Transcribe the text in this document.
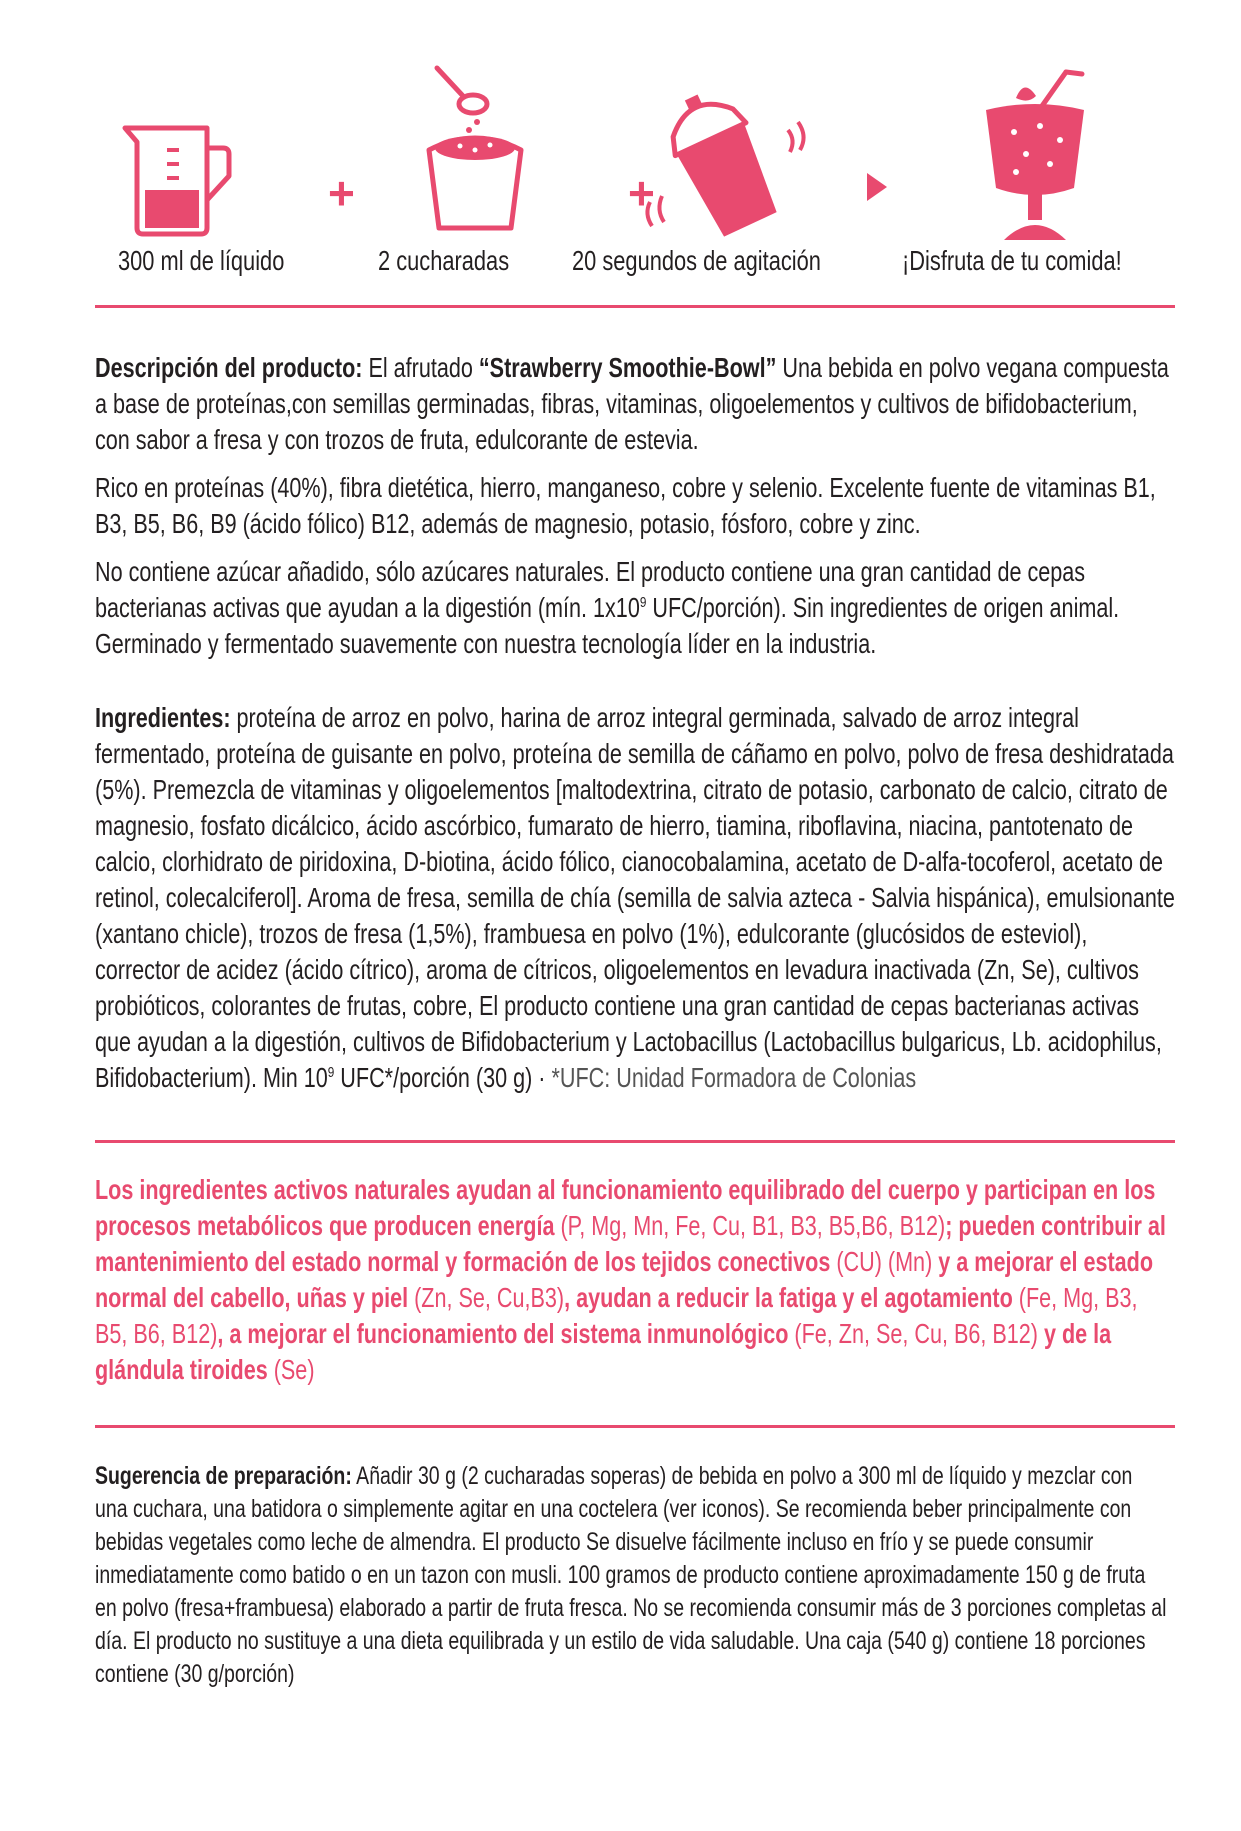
+	+
300 ml de líquido	2 cucharadas 20 segundos de agitación	¡Disfruta de tu comida!

Descripción del producto: El afrutado “Strawberry Smoothie-Bowl” Una bebida en polvo vegana compuesta a base de proteínas,con semillas germinadas, fibras, vitaminas, oligoelementos y cultivos de bifidobacterium, con sabor a fresa y con trozos de fruta, edulcorante de estevia.

Rico en proteínas (40%), fibra dietética, hierro, manganeso, cobre y selenio. Excelente fuente de vitaminas B1, B3, B5, B6, B9 (ácido fólico) B12, además de magnesio, potasio, fósforo, cobre y zinc.

No contiene azúcar añadido, sólo azúcares naturales. El producto contiene una gran cantidad de cepas bacterianas activas que ayudan a la digestión (mín. $1x10^9$ UFC/porción). Sin ingredientes de origen animal. Germinado y fermentado suavemente con nuestra tecnología líder en la industria.

Ingredientes: proteína de arroz en polvo, harina de arroz integral germinada, salvado de arroz integral fermentado, proteína de guisante en polvo, proteína de semilla de cáñamo en polvo, polvo de fresa deshidratada (5%). Premezcla de vitaminas y oligoelementos [maltodextrina, citrato de potasio, carbonato de calcio, citrato de magnesio, fosfato dicálcico, ácido ascórbico, fumarato de hierro, tiamina, riboflavina, niacina, pantotenato de calcio, clorhidrato de piridoxina, D-biotina, ácido fólico, cianocobalamina, acetato de D-alfa-tocoferol, acetato de retinol, colecalciferol]. Aroma de fresa, semilla de chía (semilla de salvia azteca - Salvia hispánica), emulsionante (xantano chicle), trozos de fresa (1,5%), frambuesa en polvo (1%), edulcorante (glucósidos de esteviol), corrector de acidez (ácido cítrico), aroma de cítricos, oligoelementos en levadura inactivada (Zn, Se), cultivos probióticos, colorantes de frutas, cobre, El producto contiene una gran cantidad de cepas bacterianas activas que ayudan a la digestión, cultivos de Bifidobacterium y Lactobacillus (Lactobacillus bulgaricus, Lb. acidophilus, Bifidobacterium). Min $10^9$ UFC*/porción (30 g) · *UFC: Unidad Formadora de Colonias

Los ingredientes activos naturales ayudan al funcionamiento equilibrado del cuerpo y participan en los procesos metabólicos que producen energía (P, Mg, Mn, Fe, Cu, B1, B3, B5,B6, B12); pueden contribuir al mantenimiento del estado normal y formación de los tejidos conectivos (CU) (Mn) y a mejorar el estado normal del cabello, uñas y piel (Zn, Se, Cu,B3), ayudan a reducir la fatiga y el agotamiento (Fe, Mg, B3, B5, B6, B12), a mejorar el funcionamiento del sistema inmunológico (Fe, Zn, Se, Cu, B6, B12) y de la glándula tiroides (Se)

Sugerencia de preparación: Añadir 30 g (2 cucharadas soperas) de bebida en polvo a 300 ml de líquido y mezclar con una cuchara, una batidora o simplemente agitar en una coctelera (ver iconos). Se recomienda beber principalmente con bebidas vegetales como leche de almendra. El producto Se disuelve fácilmente incluso en frío y se puede consumir inmediatamente como batido o en un tazon con musli. 100 gramos de producto contiene aproximadamente 150 g de fruta en polvo (fresa+frambuesa) elaborado a partir de fruta fresca. No se recomienda consumir más de 3 porciones completas al día. El producto no sustituye a una dieta equilibrada y un estilo de vida saludable. Una caja (540 g) contiene 18 porciones contiene (30 g/porción)
